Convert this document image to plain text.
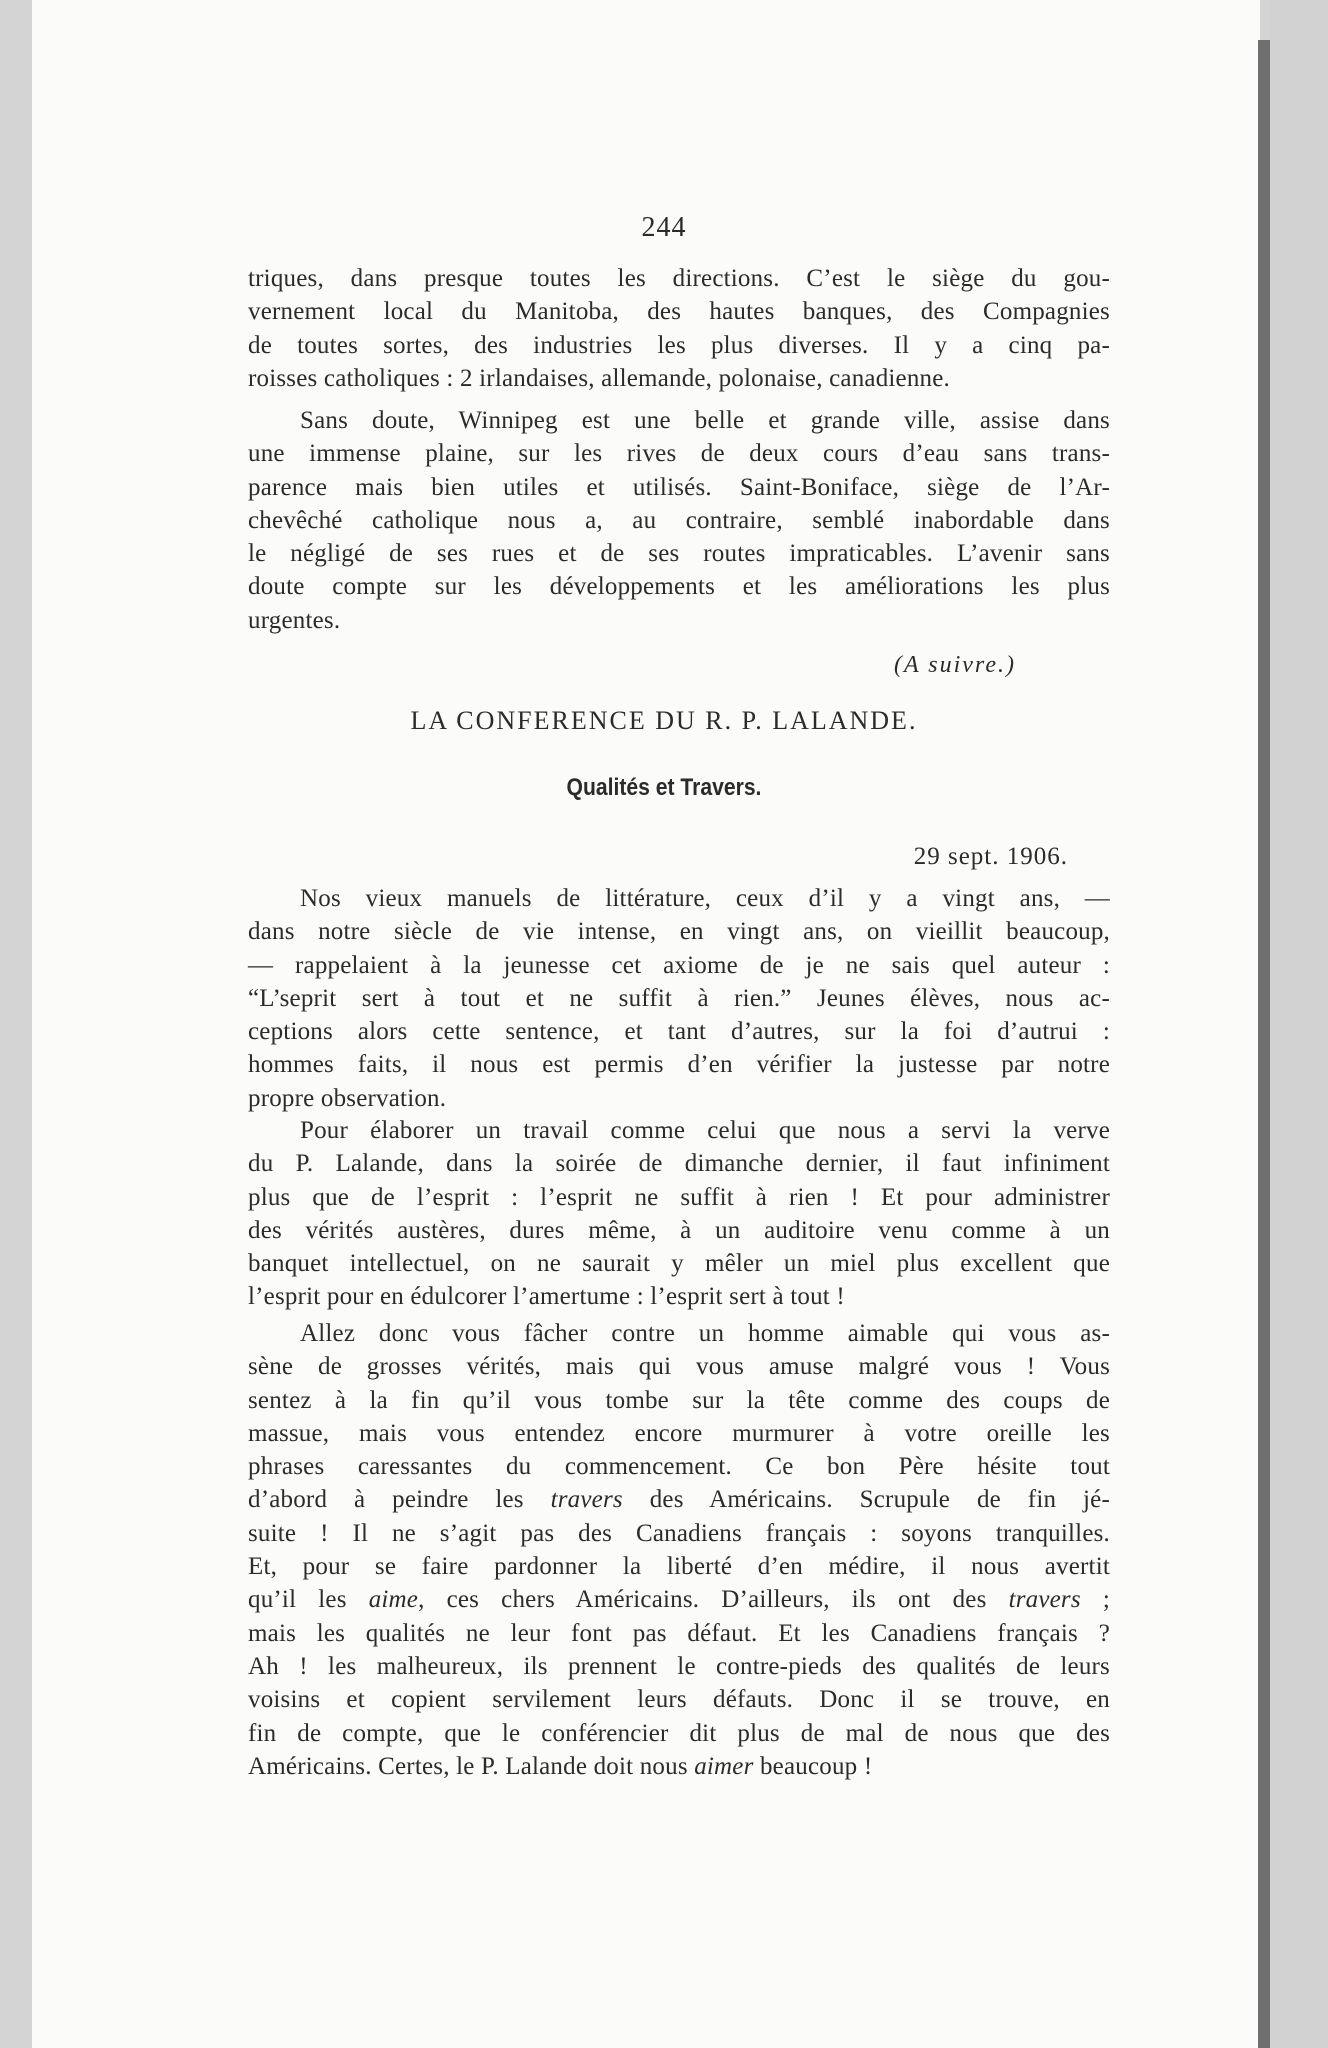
244
triques, dans presque toutes les directions. C’est le siège du gou-
vernement local du Manitoba, des hautes banques, des Compagnies
de toutes sortes, des industries les plus diverses. Il y a cinq pa-
roisses catholiques : 2 irlandaises, allemande, polonaise, canadienne.
Sans doute, Winnipeg est une belle et grande ville, assise dans
une immense plaine, sur les rives de deux cours d’eau sans trans-
parence mais bien utiles et utilisés. Saint-Boniface, siège de l’Ar-
chevêché catholique nous a, au contraire, semblé inabordable dans
le négligé de ses rues et de ses routes impraticables. L’avenir sans
doute compte sur les développements et les améliorations les plus
urgentes.
(A suivre.)
LA CONFERENCE DU R. P. LALANDE.
Qualités et Travers.
29 sept. 1906.
Nos vieux manuels de littérature, ceux d’il y a vingt ans, —
dans notre siècle de vie intense, en vingt ans, on vieillit beaucoup,
— rappelaient à la jeunesse cet axiome de je ne sais quel auteur :
“L’seprit sert à tout et ne suffit à rien.” Jeunes élèves, nous ac-
ceptions alors cette sentence, et tant d’autres, sur la foi d’autrui :
hommes faits, il nous est permis d’en vérifier la justesse par notre
propre observation.
Pour élaborer un travail comme celui que nous a servi la verve
du P. Lalande, dans la soirée de dimanche dernier, il faut infiniment
plus que de l’esprit : l’esprit ne suffit à rien ! Et pour administrer
des vérités austères, dures même, à un auditoire venu comme à un
banquet intellectuel, on ne saurait y mêler un miel plus excellent que
l’esprit pour en édulcorer l’amertume : l’esprit sert à tout !
Allez donc vous fâcher contre un homme aimable qui vous as-
sène de grosses vérités, mais qui vous amuse malgré vous ! Vous
sentez à la fin qu’il vous tombe sur la tête comme des coups de
massue, mais vous entendez encore murmurer à votre oreille les
phrases caressantes du commencement. Ce bon Père hésite tout
d’abord à peindre les travers des Américains. Scrupule de fin jé-
suite ! Il ne s’agit pas des Canadiens français : soyons tranquilles.
Et, pour se faire pardonner la liberté d’en médire, il nous avertit
qu’il les aime, ces chers Américains. D’ailleurs, ils ont des travers ;
mais les qualités ne leur font pas défaut. Et les Canadiens français ?
Ah ! les malheureux, ils prennent le contre-pieds des qualités de leurs
voisins et copient servilement leurs défauts. Donc il se trouve, en
fin de compte, que le conférencier dit plus de mal de nous que des
Américains. Certes, le P. Lalande doit nous aimer beaucoup !
